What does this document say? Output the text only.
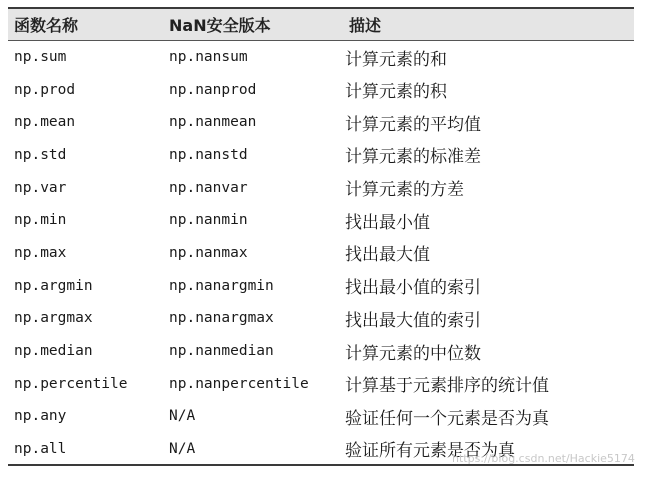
函数名称	NaN安全版本	描述
np.sum	np.nansum	计算元素的和
np.prod	np.nanprod	计算元素的积
np.mean	np.nanmean	计算元素的平均值
np.std	np.nanstd	计算元素的标准差
np.var	np.nanvar	计算元素的方差
np.min	np.nanmin	找出最小值
np.max	np.nanmax	找出最大值
np.argmin	np.nanargmin	找出最小值的索引
np.argmax	np.nanargmax	找出最大值的索引
np.median	np.nanmedian	计算元素的中位数
np.percentile	np.nanpercentile	计算基于元素排序的统计值
np.any	N/A	验证任何一个元素是否为真
np.all	N/A	验证所有元素是否为真
https://blog.csdn.net/Hackie5174
